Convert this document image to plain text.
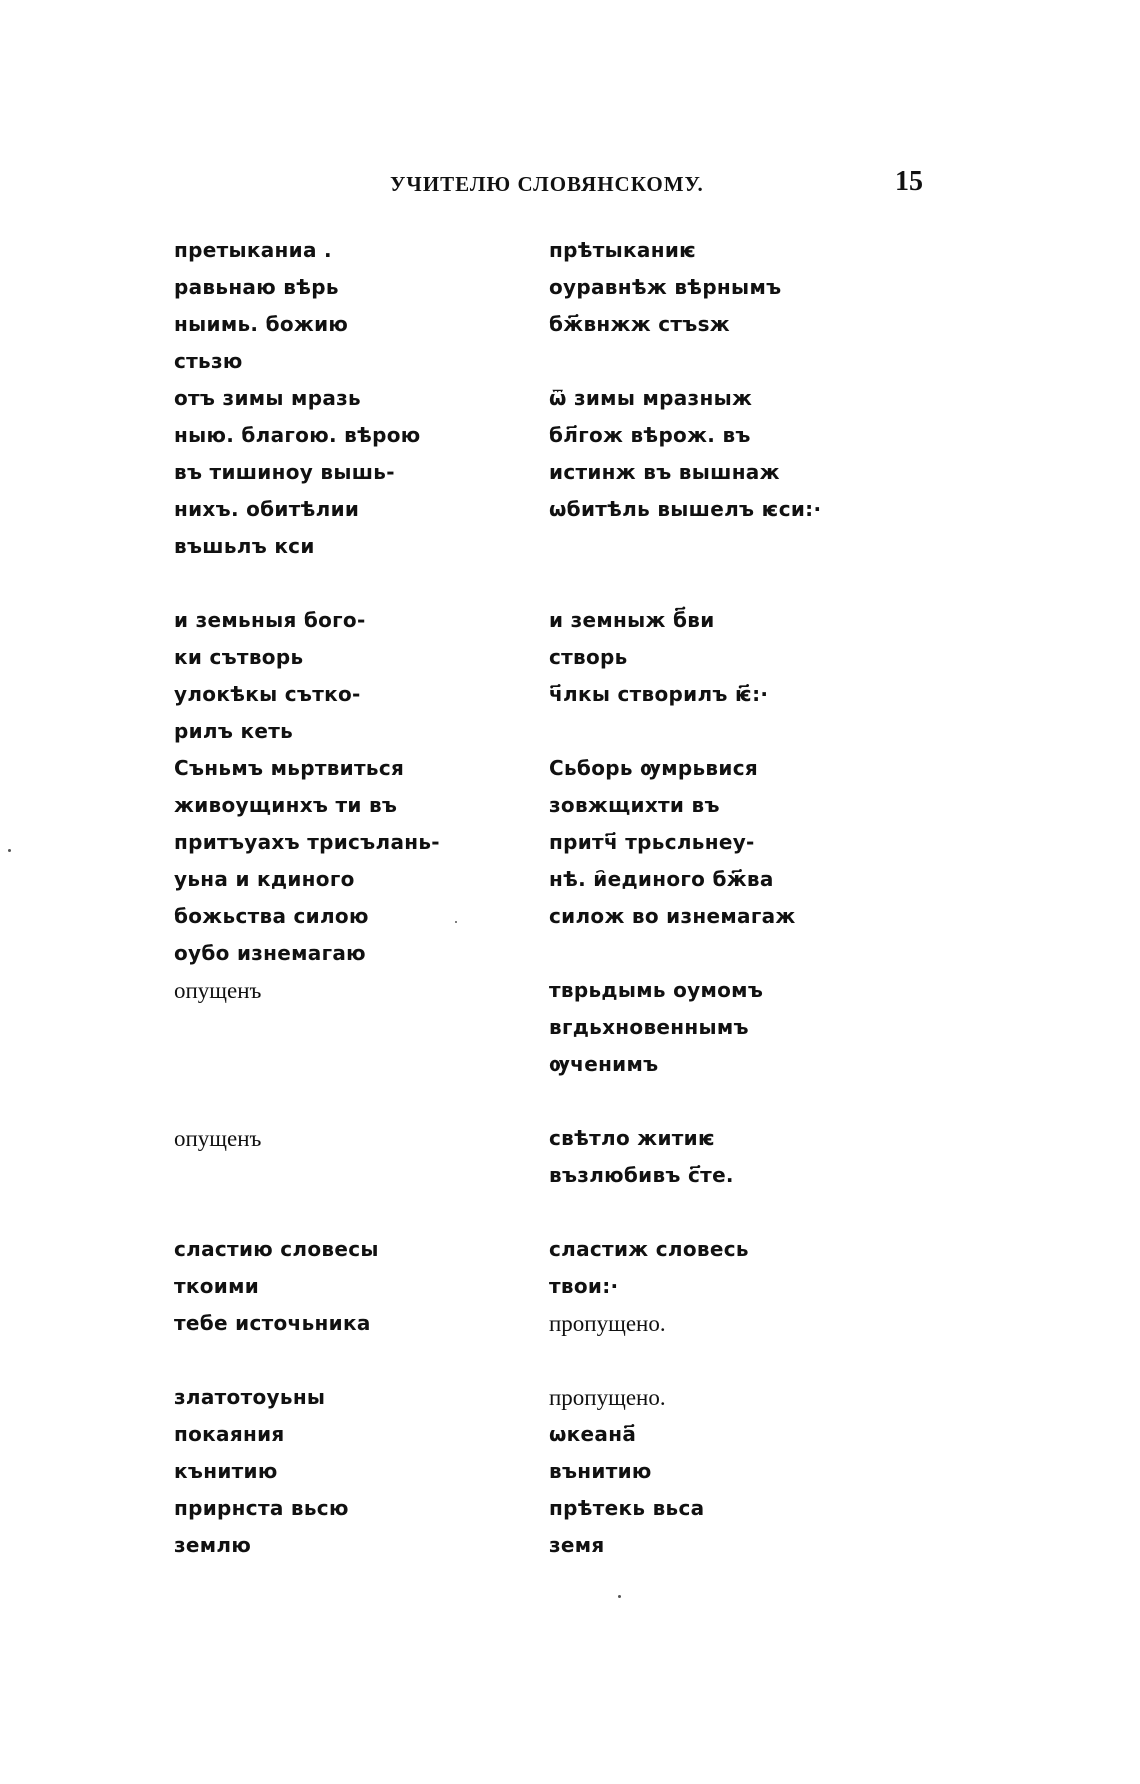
УЧИТЕЛЮ СЛОВЯНСКОМУ.	15
претыканиа .
равьнаю вѣрь
ныимь. божию
стьзю
отъ зимы мразь
ныю. благою. вѣрою
въ тишиноу вышь-
нихъ. обитѣлии
въшьлъ кси
и земьныя бого-
ки сътворь
улокѣкы сътко-
рилъ кеть
Съньмъ мьртвиться
живоущинхъ ти въ
притъуахъ трисълань-
уьна и кдиного
божьства силою
оубо изнемагаю
опущенъ
опущенъ
сластию словесы
ткоими
тебе источьника
златотоуьны
покаяния
кънитию
прирнста вьсю
землю
прѣтыканиѥ
оуравнѣж вѣрнымъ
бж҃внжж стъѕж
ѿ зимы мразныж
бл҃гож вѣрож. въ
истинж въ вышнаж
ѡбитѣль вышелъ ѥси:·
и земныж б҃ви
створь
ч҃лкы створилъ ѥ҃:·
Сьборь ѹмрьвися
зовжщихти въ
притч҃ трьсльнеу-
нѣ. и҄единого бж҃ва
силож во изнемагаж
тврьдымь оумомъ
вгдьхновеннымъ
ѹченимъ
свѣтло житиѥ
възлюбивъ с҃те.
сластиж словесь
твои:·
пропущено.
пропущено.
ѡкеана҃
вънитию
прѣтекь вьса
земя
